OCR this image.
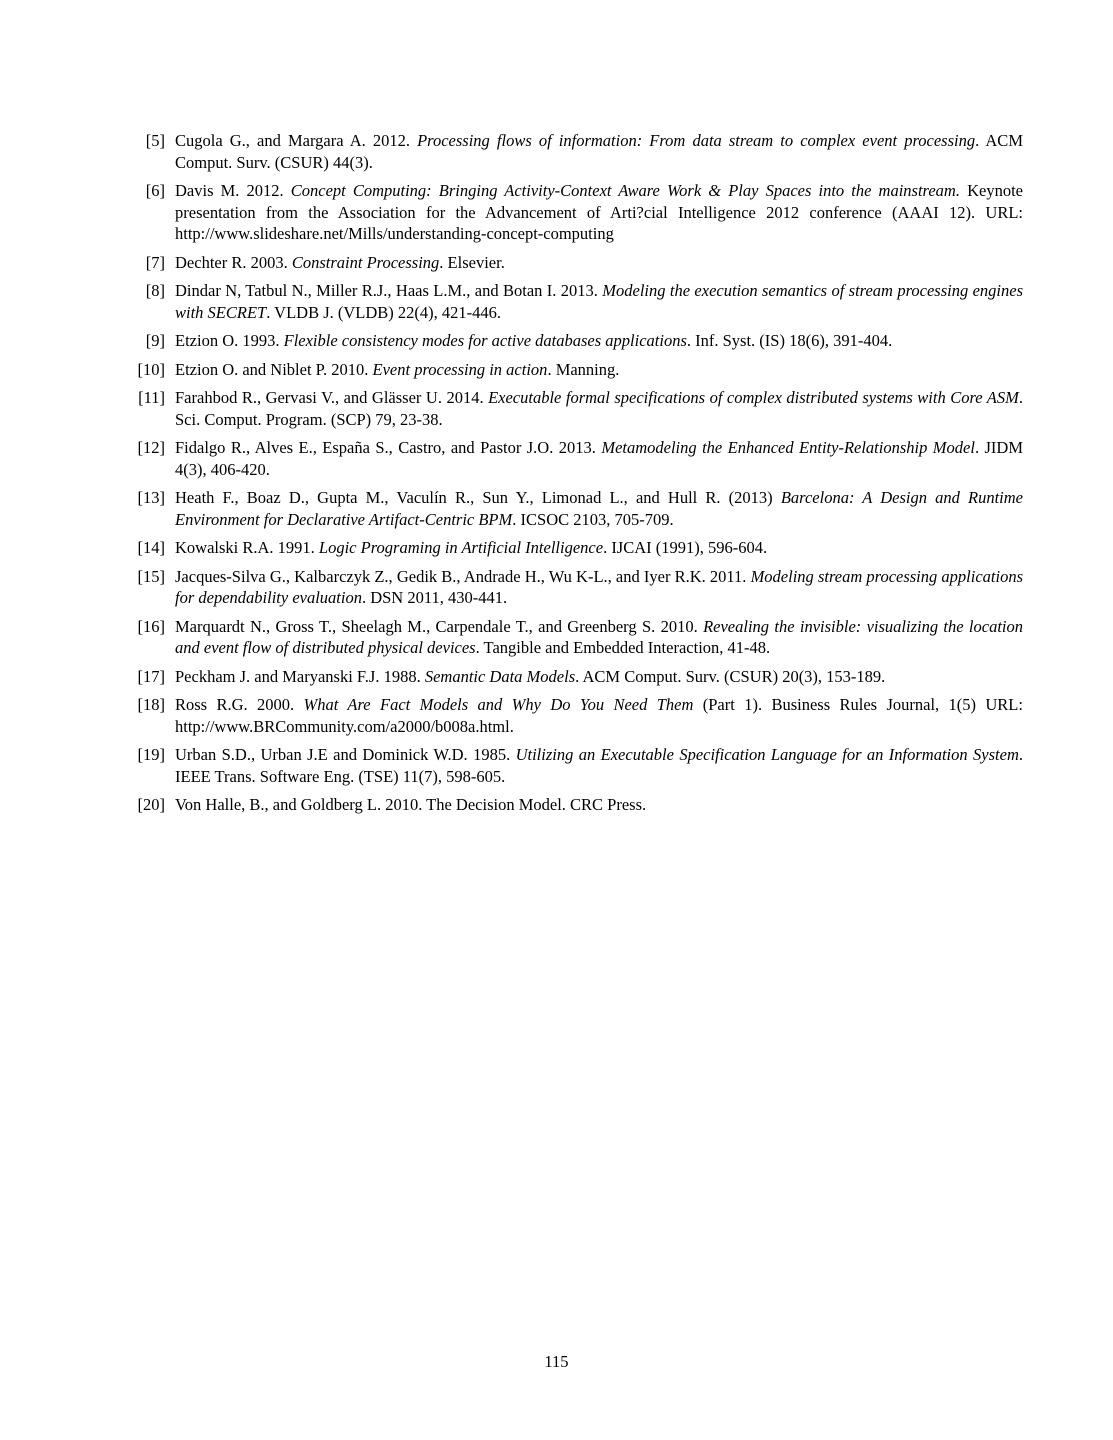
[5] Cugola G., and Margara A. 2012. Processing flows of information: From data stream to complex event processing. ACM Comput. Surv. (CSUR) 44(3).
[6] Davis M. 2012. Concept Computing: Bringing Activity-Context Aware Work & Play Spaces into the mainstream. Keynote presentation from the Association for the Advancement of Arti?cial Intelligence 2012 conference (AAAI 12). URL: http://www.slideshare.net/Mills/understanding-concept-computing
[7] Dechter R. 2003. Constraint Processing. Elsevier.
[8] Dindar N, Tatbul N., Miller R.J., Haas L.M., and Botan I. 2013. Modeling the execution semantics of stream processing engines with SECRET. VLDB J. (VLDB) 22(4), 421-446.
[9] Etzion O. 1993. Flexible consistency modes for active databases applications. Inf. Syst. (IS) 18(6), 391-404.
[10] Etzion O. and Niblet P. 2010. Event processing in action. Manning.
[11] Farahbod R., Gervasi V., and Glässer U. 2014. Executable formal specifications of complex distributed systems with Core ASM. Sci. Comput. Program. (SCP) 79, 23-38.
[12] Fidalgo R., Alves E., España S., Castro, and Pastor J.O. 2013. Metamodeling the Enhanced Entity-Relationship Model. JIDM 4(3), 406-420.
[13] Heath F., Boaz D., Gupta M., Vaculín R., Sun Y., Limonad L., and Hull R. (2013) Barcelona: A Design and Runtime Environment for Declarative Artifact-Centric BPM. ICSOC 2103, 705-709.
[14] Kowalski R.A. 1991. Logic Programing in Artificial Intelligence. IJCAI (1991), 596-604.
[15] Jacques-Silva G., Kalbarczyk Z., Gedik B., Andrade H., Wu K-L., and Iyer R.K. 2011. Modeling stream processing applications for dependability evaluation. DSN 2011, 430-441.
[16] Marquardt N., Gross T., Sheelagh M., Carpendale T., and Greenberg S. 2010. Revealing the invisible: visualizing the location and event flow of distributed physical devices. Tangible and Embedded Interaction, 41-48.
[17] Peckham J. and Maryanski F.J. 1988. Semantic Data Models. ACM Comput. Surv. (CSUR) 20(3), 153-189.
[18] Ross R.G. 2000. What Are Fact Models and Why Do You Need Them (Part 1). Business Rules Journal, 1(5) URL: http://www.BRCommunity.com/a2000/b008a.html.
[19] Urban S.D., Urban J.E and Dominick W.D. 1985. Utilizing an Executable Specification Language for an Information System. IEEE Trans. Software Eng. (TSE) 11(7), 598-605.
[20] Von Halle, B., and Goldberg L. 2010. The Decision Model. CRC Press.
115
